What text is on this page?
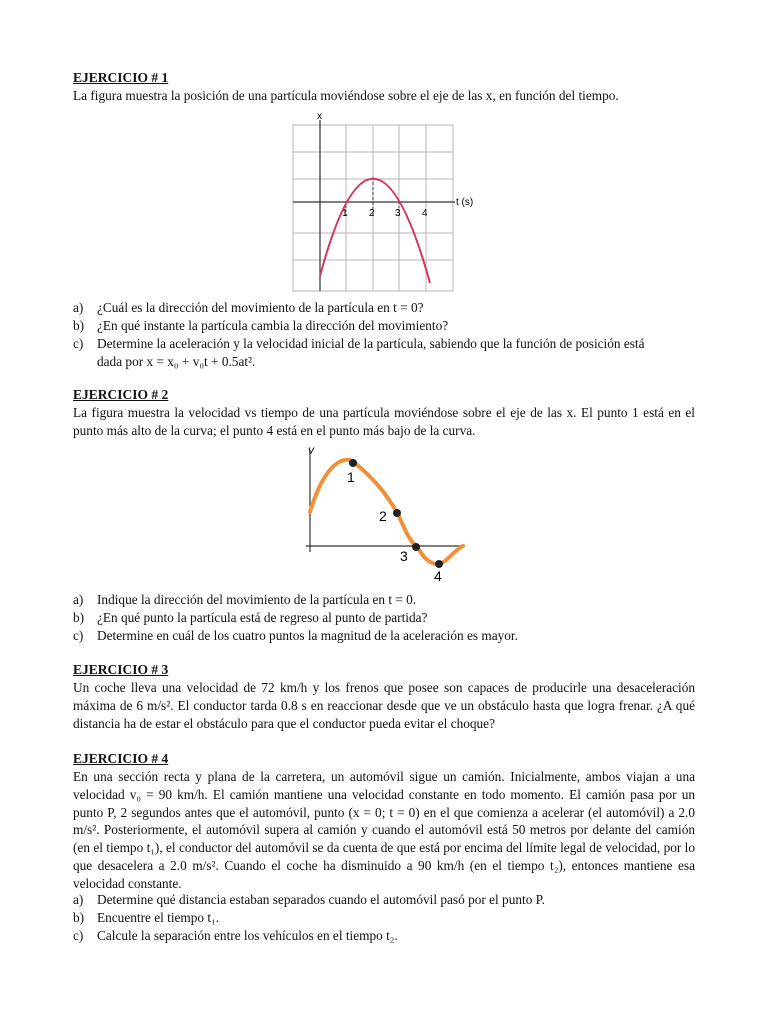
EJERCICIO # 1
La figura muestra la posición de una partícula moviéndose sobre el eje de las x, en función del tiempo.
x
t (s)
1 2 3 4
a)	¿Cuál es la dirección del movimiento de la partícula en t = 0?
b) ¿En qué instante la partícula cambia la dirección del movimiento?
c)	Determine la aceleración y la velocidad inicial de la partícula, sabiendo que la función de posición está
dada por x = x₀ + v₀t + 0.5at².
EJERCICIO # 2
La figura muestra la velocidad vs tiempo de una partícula moviéndose sobre el eje de las x. El punto 1 está en el punto más alto de la curva; el punto 4 está en el punto más bajo de la curva.
v
1
2
3
4
a)	Indique la dirección del movimiento de la partícula en t = 0.
b) ¿En qué punto la partícula está de regreso al punto de partida?
c)	Determine en cuál de los cuatro puntos la magnitud de la aceleración es mayor.
EJERCICIO # 3
Un coche lleva una velocidad de 72 km/h y los frenos que posee son capaces de producirle una desaceleración máxima de 6 m/s². El conductor tarda 0.8 s en reaccionar desde que ve un obstáculo hasta que logra frenar. ¿A qué distancia ha de estar el obstáculo para que el conductor pueda evitar el choque?
EJERCICIO # 4
En una sección recta y plana de la carretera, un automóvil sigue un camión. Inicialmente, ambos viajan a una velocidad v₀ = 90 km/h. El camión mantiene una velocidad constante en todo momento. El camión pasa por un punto P, 2 segundos antes que el automóvil, punto (x = 0; t = 0) en el que comienza a acelerar (el automóvil) a 2.0 m/s². Posteriormente, el automóvil supera al camión y cuando el automóvil está 50 metros por delante del camión (en el tiempo t₁), el conductor del automóvil se da cuenta de que está por encima del límite legal de velocidad, por lo que desacelera a 2.0 m/s². Cuando el coche ha disminuido a 90 km/h (en el tiempo t₂), entonces mantiene esa velocidad constante.
a)	Determine qué distancia estaban separados cuando el automóvil pasó por el punto P.
b) Encuentre el tiempo t₁.
c)	Calcule la separación entre los vehículos en el tiempo t₂.
